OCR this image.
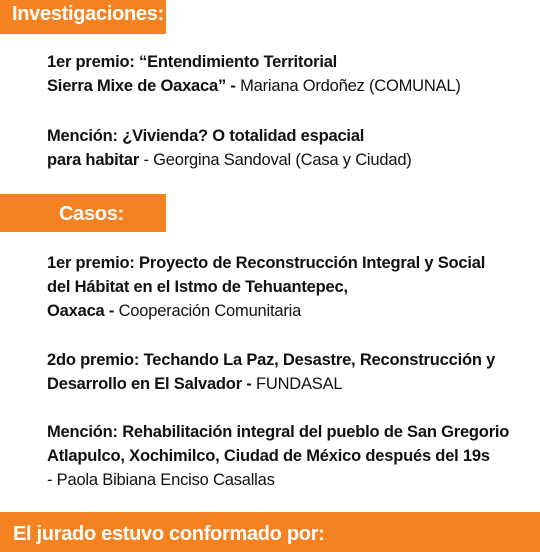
Investigaciones:
1er premio: “Entendimiento Territorial
Sierra Mixe de Oaxaca” - Mariana Ordoñez (COMUNAL)
Mención: ¿Vivienda? O totalidad espacial
para habitar - Georgina Sandoval (Casa y Ciudad)
Casos:
1er premio: Proyecto de Reconstrucción Integral y Social
del Hábitat en el Istmo de Tehuantepec,
Oaxaca - Cooperación Comunitaria
2do premio: Techando La Paz, Desastre, Reconstrucción y
Desarrollo en El Salvador - FUNDASAL
Mención: Rehabilitación integral del pueblo de San Gregorio
Atlapulco, Xochimilco, Ciudad de México después del 19s
- Paola Bibiana Enciso Casallas
El jurado estuvo conformado por:
